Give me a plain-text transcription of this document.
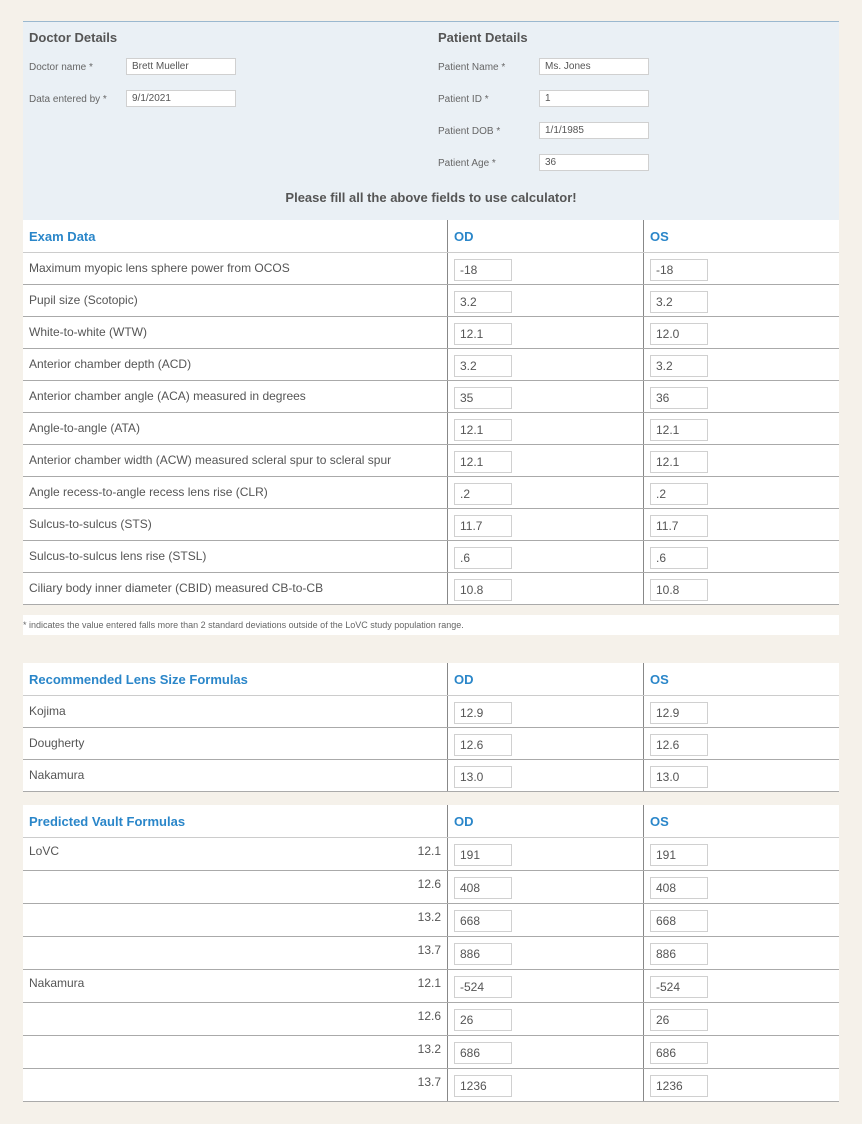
Doctor Details	Patient Details
Doctor name *	Brett Mueller
Data entered by *	9/1/2021
Patient Name *	Ms. Jones
Patient ID *	1
Patient DOB *	1/1/1985
Patient Age *	36
Please fill all the above fields to use calculator!
Exam Data	OD	OS
Maximum myopic lens sphere power from OCOS	-18	-18
Pupil size (Scotopic)	3.2	3.2
White-to-white (WTW)	12.1	12.0
Anterior chamber depth (ACD)	3.2	3.2
Anterior chamber angle (ACA) measured in degrees	35	36
Angle-to-angle (ATA)	12.1	12.1
Anterior chamber width (ACW) measured scleral spur to scleral spur	12.1	12.1
Angle recess-to-angle recess lens rise (CLR)	.2	.2
Sulcus-to-sulcus (STS)	11.7	11.7
Sulcus-to-sulcus lens rise (STSL)	.6	.6
Ciliary body inner diameter (CBID) measured CB-to-CB	10.8	10.8
* indicates the value entered falls more than 2 standard deviations outside of the LoVC study population range.
Recommended Lens Size Formulas	OD	OS
Kojima	12.9	12.9
Dougherty	12.6	12.6
Nakamura	13.0	13.0
Predicted Vault Formulas	OD	OS

LoVC 12.1	191	191

12.6	408	408

13.2	668	668

13.7	886	886

Nakamura 12.1	-524	-524

12.6	26	26

13.2	686	686

13.7	1236	1236
